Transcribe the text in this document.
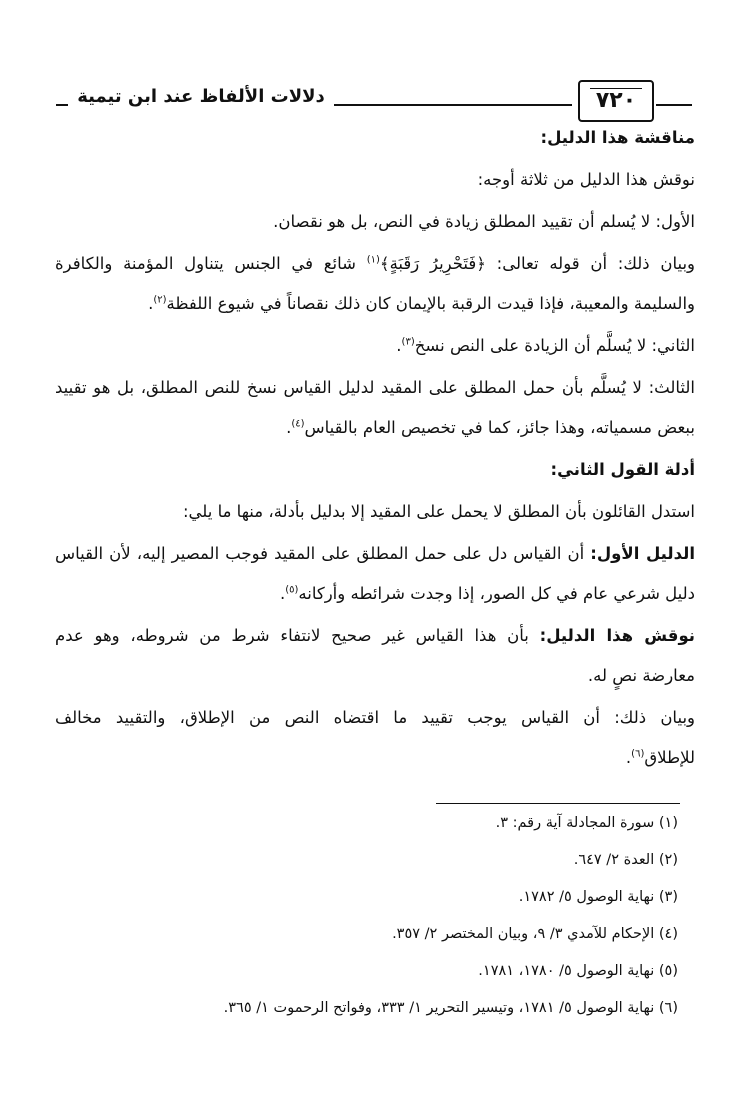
٧٢٠
دلالات الألفاظ عند ابن تيمية
مناقشة هذا الدليل:
نوقش هذا الدليل من ثلاثة أوجه:
الأول: لا يُسلم أن تقييد المطلق زيادة في النص، بل هو نقصان.
وبيان ذلك: أن قوله تعالى: ﴿فَتَحْرِيرُ رَقَبَةٍ﴾$^{(١)}$ شائع في الجنس يتناول المؤمنة والكافرة
والسليمة والمعيبة، فإذا قيدت الرقبة بالإيمان كان ذلك نقصاناً في شيوع اللفظة$^{(٢)}$.
الثاني: لا يُسلَّم أن الزيادة على النص نسخ$^{(٣)}$.
الثالث: لا يُسلَّم بأن حمل المطلق على المقيد لدليل القياس نسخ للنص المطلق، بل هو تقييد
ببعض مسمياته، وهذا جائز، كما في تخصيص العام بالقياس$^{(٤)}$.
أدلة القول الثاني:
استدل القائلون بأن المطلق لا يحمل على المقيد إلا بدليل بأدلة، منها ما يلي:
الدليل الأول: أن القياس دل على حمل المطلق على المقيد فوجب المصير إليه، لأن القياس
دليل شرعي عام في كل الصور، إذا وجدت شرائطه وأركانه$^{(٥)}$.
نوقش هذا الدليل: بأن هذا القياس غير صحيح لانتفاء شرط من شروطه، وهو عدم
معارضة نصٍ له.
وبيان ذلك: أن القياس يوجب تقييد ما اقتضاه النص من الإطلاق، والتقييد مخالف
للإطلاق$^{(٦)}$.
(١) سورة المجادلة آية رقم: ٣.
(٢) العدة ٢/ ٦٤٧.
(٣) نهاية الوصول ٥/ ١٧٨٢.
(٤) الإحكام للآمدي ٣/ ٩، وبيان المختصر ٢/ ٣٥٧.
(٥) نهاية الوصول ٥/ ١٧٨٠، ١٧٨١.
(٦) نهاية الوصول ٥/ ١٧٨١، وتيسير التحرير ١/ ٣٣٣، وفواتح الرحموت ١/ ٣٦٥.
